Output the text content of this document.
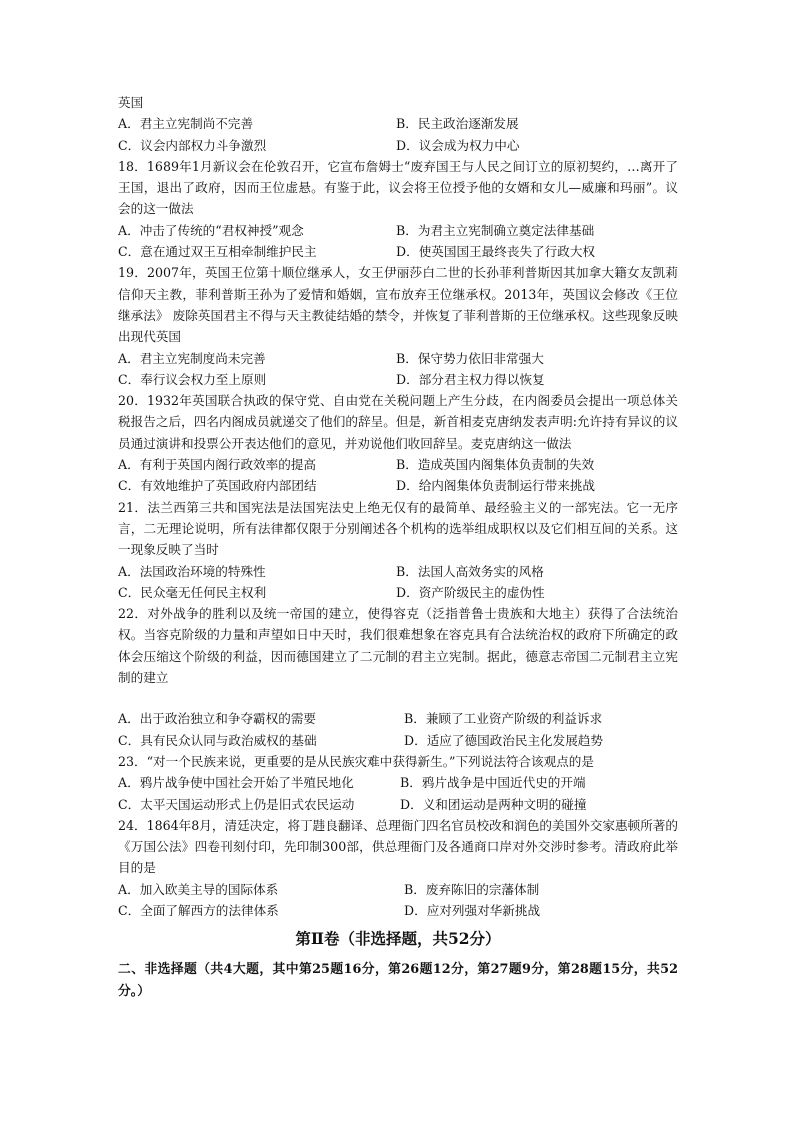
英国
A．君主立宪制尚不完善	B．民主政治逐渐发展
C．议会内部权力斗争激烈	D．议会成为权力中心
18．1689年1月新议会在伦敦召开，它宣布詹姆士“废弃国王与人民之间订立的原初契约，…离开了王国，退出了政府，因而王位虚悬。有鉴于此，议会将王位授予他的女婿和女儿—威廉和玛丽”。议会的这一做法
A．冲击了传统的“君权神授”观念	B．为君主立宪制确立奠定法律基础
C．意在通过双王互相牵制维护民主	D．使英国国王最终丧失了行政大权
19．2007年，英国王位第十顺位继承人，女王伊丽莎白二世的长孙菲利普斯因其加拿大籍女友凯莉信仰天主教，菲利普斯王孙为了爱情和婚姻，宣布放弃王位继承权。2013年，英国议会修改《王位继承法》 废除英国君主不得与天主教徒结婚的禁令，并恢复了菲利普斯的王位继承权。这些现象反映出现代英国
A．君主立宪制度尚未完善	B．保守势力依旧非常强大
C．奉行议会权力至上原则	D．部分君主权力得以恢复
20．1932年英国联合执政的保守党、自由党在关税问题上产生分歧，在内阁委员会提出一项总体关税报告之后，四名内阁成员就递交了他们的辞呈。但是，新首相麦克唐纳发表声明:允许持有异议的议员通过演讲和投票公开表达他们的意见，并劝说他们收回辞呈。麦克唐纳这一做法
A．有利于英国内阁行政效率的提高	B．造成英国内阁集体负责制的失效
C．有效地维护了英国政府内部团结	D．给内阁集体负责制运行带来挑战
21．法兰西第三共和国宪法是法国宪法史上绝无仅有的最简单、最经验主义的一部宪法。它一无序言，二无理论说明，所有法律都仅限于分别阐述各个机构的选举组成职权以及它们相互间的关系。这一现象反映了当时
A．法国政治环境的特殊性	B．法国人高效务实的风格
C．民众毫无任何民主权利	D．资产阶级民主的虚伪性
22．对外战争的胜利以及统一帝国的建立，使得容克（泛指普鲁士贵族和大地主）获得了合法统治权。当容克阶级的力量和声望如日中天时，我们很难想象在容克具有合法统治权的政府下所确定的政体会压缩这个阶级的利益，因而德国建立了二元制的君主立宪制。据此，德意志帝国二元制君主立宪制的建立
A．出于政治独立和争夺霸权的需要	B．兼顾了工业资产阶级的利益诉求
C．具有民众认同与政治威权的基础	D．适应了德国政治民主化发展趋势
23．“对一个民族来说，更重要的是从民族灾难中获得新生。”下列说法符合该观点的是
A．鸦片战争使中国社会开始了半殖民地化	B．鸦片战争是中国近代史的开端
C．太平天国运动形式上仍是旧式农民运动	D．义和团运动是两种文明的碰撞
24．1864年8月，清廷决定，将丁韪良翻译、总理衙门四名官员校改和润色的美国外交家惠顿所著的《万国公法》四卷刊刻付印，先印制300部，供总理衙门及各通商口岸对外交涉时参考。清政府此举目的是
A．加入欧美主导的国际体系	B．废弃陈旧的宗藩体制
C．全面了解西方的法律体系	D．应对列强对华新挑战
第Ⅱ卷（非选择题，共52分）
二、非选择题（共4大题，其中第25题16分，第26题12分，第27题9分，第28题15分，共52分。）
